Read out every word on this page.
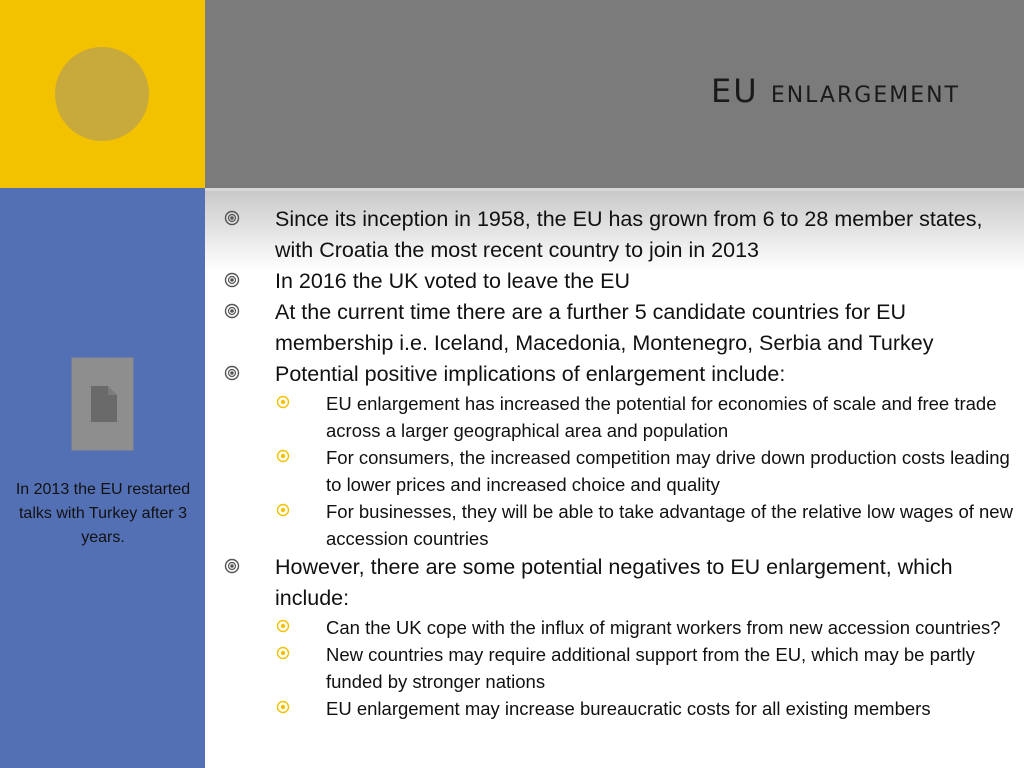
EU ENLARGEMENT
In 2013 the EU restarted talks with Turkey after 3 years.
Since its inception in 1958, the EU has grown from 6 to 28 member states, with Croatia the most recent country to join in 2013
In 2016 the UK voted to leave the EU
At the current time there are a further 5 candidate countries for EU membership i.e. Iceland, Macedonia, Montenegro, Serbia and Turkey
Potential positive implications of enlargement include:
EU enlargement has increased the potential for economies of scale and free trade across a larger geographical area and population
For consumers, the increased competition may drive down production costs leading to lower prices and increased choice and quality
For businesses, they will be able to take advantage of the relative low wages of new accession countries
However, there are some potential negatives to EU enlargement, which include:
Can the UK cope with the influx of migrant workers from new accession countries?
New countries may require additional support from the EU, which may be partly funded by stronger nations
EU enlargement may increase bureaucratic costs for all existing members
